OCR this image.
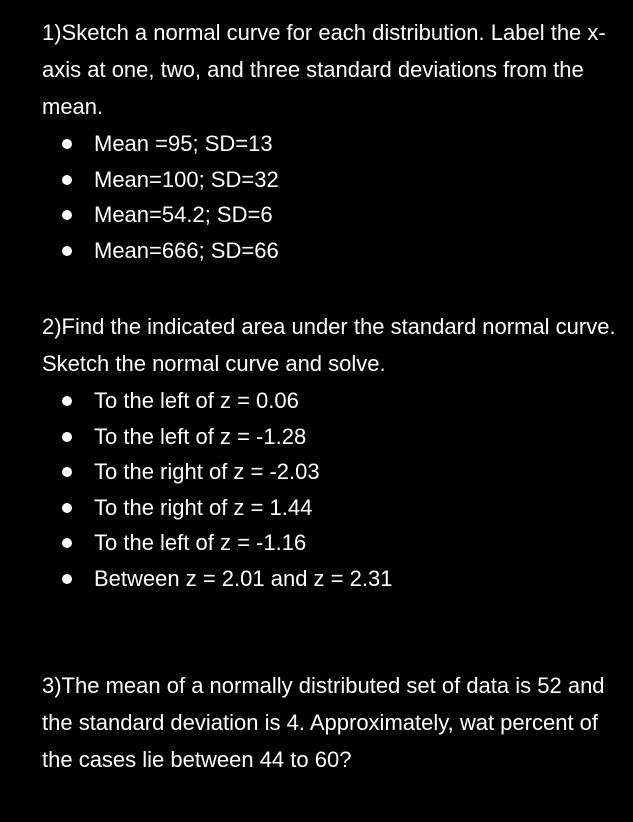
1)Sketch a normal curve for each distribution. Label the x-axis at one, two, and three standard deviations from the mean.

Mean =95; SD=13
Mean=100; SD=32
Mean=54.2; SD=6
Mean=666; SD=66

2)Find the indicated area under the standard normal curve. Sketch the normal curve and solve.

To the left of z = 0.06
To the left of z = -1.28
To the right of z = -2.03
To the right of z = 1.44
To the left of z = -1.16
Between z = 2.01 and z = 2.31

3)The mean of a normally distributed set of data is 52 and the standard deviation is 4. Approximately, wat percent of the cases lie between 44 to 60?
